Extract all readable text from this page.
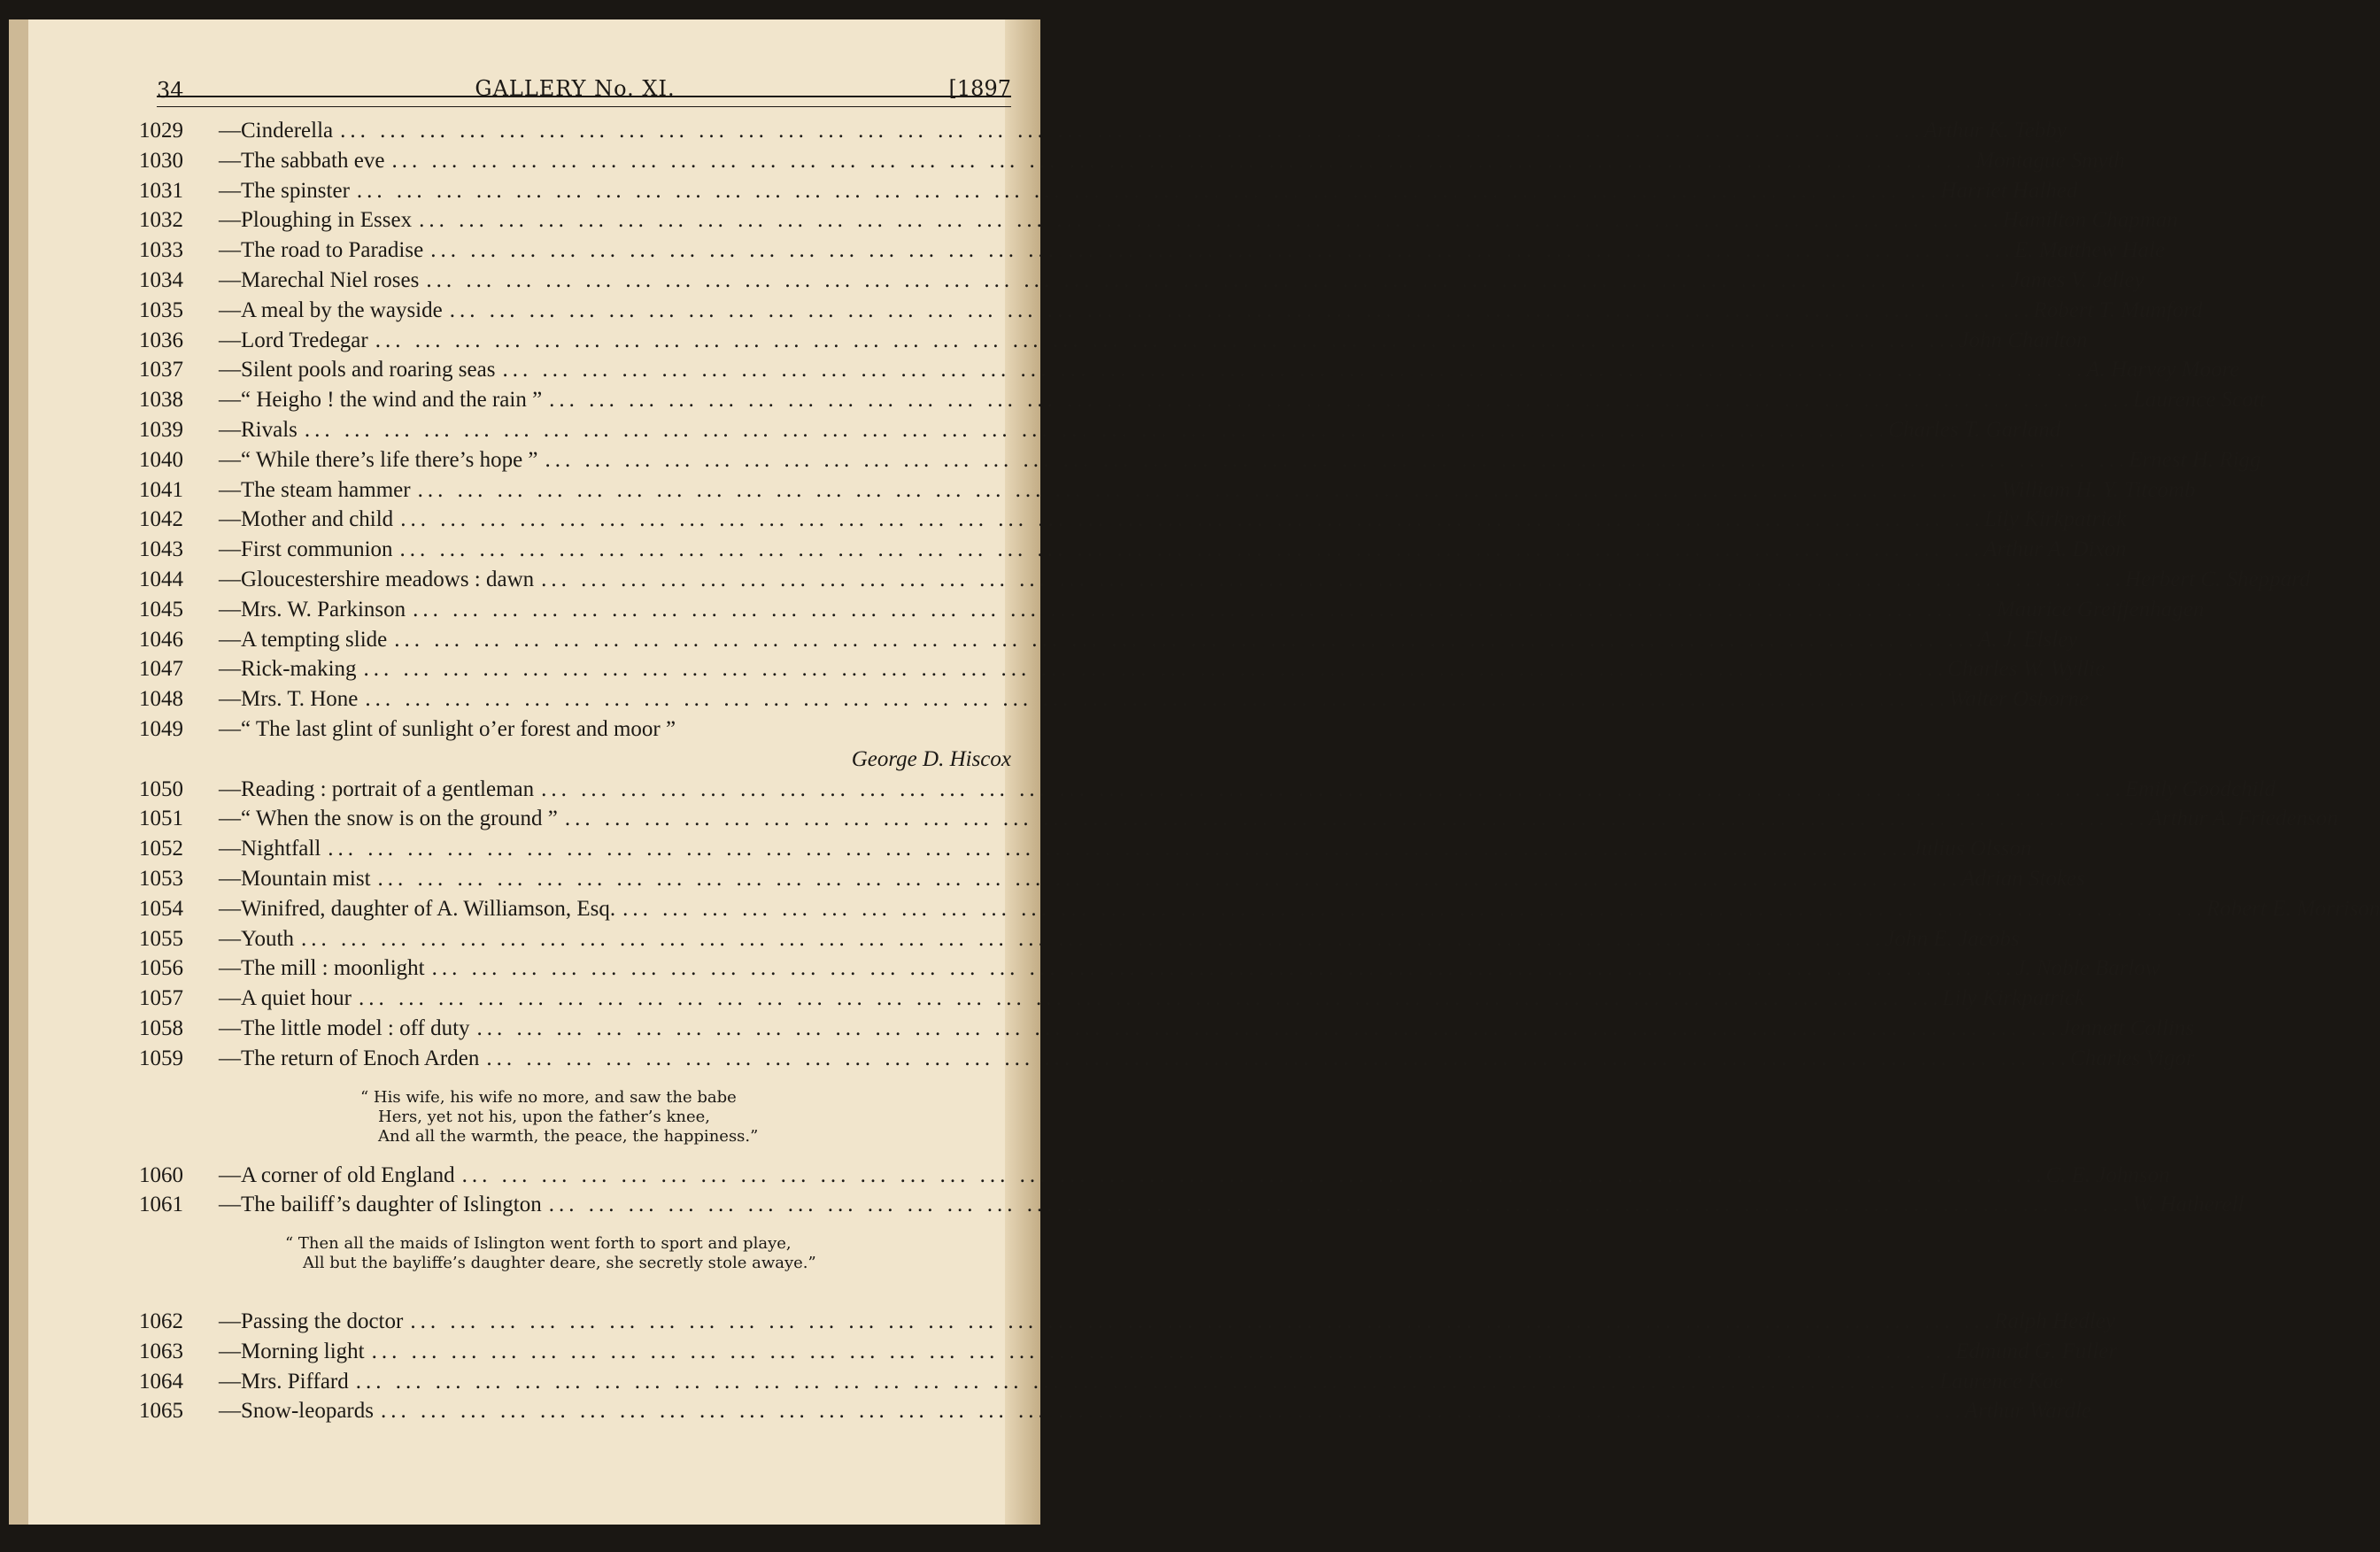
34	GALLERY No. XI.	[1897
1029	—Cinderella ... ... ... ... ... ... ... ... ... ... ... ... ... ... ... ... ... ... ... ... ... ... ... ... ... ... ... ... ... ... ... ... ... ... ... ... ... ... ... ... Arthur K. Tebby
1030	—The sabbath eve ... ... ... ... ... ... ... ... ... ... ... ... ... ... ... ... ... ... ... ... ... ... ... ... ... ... ... ... ... ... ... ... ... ... ... ... ... ... ... ... Montague Smyth
1031	—The spinster ... ... ... ... ... ... ... ... ... ... ... ... ... ... ... ... ... ... ... ... ... ... ... ... ... ... ... ... ... ... ... ... ... ... ... ... ... ... ... ... Harriet Halhed
1032	—Ploughing in Essex ... ... ... ... ... ... ... ... ... ... ... ... ... ... ... ... ... ... ... ... ... ... ... ... ... ... ... ... ... ... ... ... ... ... ... ... ... ... ... ... Hamilton Chapman
1033	—The road to Paradise ... ... ... ... ... ... ... ... ... ... ... ... ... ... ... ... ... ... ... ... ... ... ... ... ... ... ... ... ... ... ... ... ... ... ... ... ... ... ... ... E. Matthew Hale
1034	—Marechal Niel roses ... ... ... ... ... ... ... ... ... ... ... ... ... ... ... ... ... ... ... ... ... ... ... ... ... ... ... ... ... ... ... ... ... ... ... ... ... ... ... ... James V. Jelley
1035	—A meal by the wayside ... ... ... ... ... ... ... ... ... ... ... ... ... ... ... ... ... ... ... ... ... ... ... ... ... ... ... ... ... ... ... ... ... ... ... ... ... ... ... ... Robert T. Mumford
1036	—Lord Tredegar ... ... ... ... ... ... ... ... ... ... ... ... ... ... ... ... ... ... ... ... ... ... ... ... ... ... ... ... ... ... ... ... ... ... ... ... ... ... ... ... John Charlton
1037	—Silent pools and roaring seas ... ... ... ... ... ... ... ... ... ... ... ... ... ... ... ... ... ... ... ... ... ... ... ... ... ... ... ... ... ... ... ... ... ... ... ... ... ... ... ... A. Harvey Moore
1038	—“ Heigho ! the wind and the rain ” ... ... ... ... ... ... ... ... ... ... ... ... ... ... ... ... ... ... ... ... ... ... ... ... ... ... ... ... ... ... ... ... ... ... ... ... ... ... ... ... Laurence Scott
1039	—Rivals ... ... ... ... ... ... ... ... ... ... ... ... ... ... ... ... ... ... ... ... ... ... ... ... ... ... ... ... ... ... ... ... ... ... ... ... ... ... ... ... Charles T. Garland
1040	—“ While there’s life there’s hope ” ... ... ... ... ... ... ... ... ... ... ... ... ... ... ... ... ... ... ... ... ... ... ... ... ... ... ... ... ... ... ... ... ... ... ... ... ... ... ... ... Ernest H. Rigg
1041	—The steam hammer ... ... ... ... ... ... ... ... ... ... ... ... ... ... ... ... ... ... ... ... ... ... ... ... ... ... ... ... ... ... ... ... ... ... ... ... ... ... ... ... William H. Y. Titcomb
1042	—Mother and child ... ... ... ... ... ... ... ... ... ... ... ... ... ... ... ... ... ... ... ... ... ... ... ... ... ... ... ... ... ... ... ... ... ... ... ... ... ... ... ... Lily Kirkpatrick
1043	—First communion ... ... ... ... ... ... ... ... ... ... ... ... ... ... ... ... ... ... ... ... ... ... ... ... ... ... ... ... ... ... ... ... ... ... ... ... ... ... ... ... Arthur A. Dixon
1044	—Gloucestershire meadows : dawn ... ... ... ... ... ... ... ... ... ... ... ... ... ... ... ... ... ... ... ... ... ... ... ... ... ... ... ... ... ... ... ... ... ... ... ... ... ... ... ... Herbert C. Sheppard
1045	—Mrs. W. Parkinson ... ... ... ... ... ... ... ... ... ... ... ... ... ... ... ... ... ... ... ... ... ... ... ... ... ... ... ... ... ... ... ... ... ... ... ... ... ... ... ... Maurice Greiffenhagen
1046	—A tempting slide ... ... ... ... ... ... ... ... ... ... ... ... ... ... ... ... ... ... ... ... ... ... ... ... ... ... ... ... ... ... ... ... ... ... ... ... ... ... ... ... A. J. Elsley
1047	—Rick-making ... ... ... ... ... ... ... ... ... ... ... ... ... ... ... ... ... ... ... ... ... ... ... ... ... ... ... ... ... ... ... ... ... ... ... ... ... ... ... ... Charles W. Wyllie
1048	—Mrs. T. Hone ... ... ... ... ... ... ... ... ... ... ... ... ... ... ... ... ... ... ... ... ... ... ... ... ... ... ... ... ... ... ... ... ... ... ... ... ... ... ... ... Walter Osborne
1049	—“ The last glint of sunlight o’er forest and moor ”
George D. Hiscox
1050	—Reading : portrait of a gentleman ... ... ... ... ... ... ... ... ... ... ... ... ... ... ... ... ... ... ... ... ... ... ... ... ... ... ... ... ... ... ... ... ... ... ... ... ... ... ... ... Emily Goodchild
1051	—“ When the snow is on the ground ” ... ... ... ... ... ... ... ... ... ... ... ... ... ... ... ... ... ... ... ... ... ... ... ... ... ... ... ... ... ... ... ... ... ... ... ... ... ... ... ... Arthur A. Friedenson
1052	—Nightfall ... ... ... ... ... ... ... ... ... ... ... ... ... ... ... ... ... ... ... ... ... ... ... ... ... ... ... ... ... ... ... ... ... ... ... ... ... ... ... ... Julius Olsson
1053	—Mountain mist ... ... ... ... ... ... ... ... ... ... ... ... ... ... ... ... ... ... ... ... ... ... ... ... ... ... ... ... ... ... ... ... ... ... ... ... ... ... ... ... Adrian Stokes
1054	—Winifred, daughter of A. Williamson, Esq. ... ... ... ... ... ... ... ... ... ... ... ... ... ... ... ... ... ... ... ... ... ... ... ... ... ... ... ... ... ... ... ... ... ... ... ... ... ... ... ... Robert E. Morrison
1055	—Youth ... ... ... ... ... ... ... ... ... ... ... ... ... ... ... ... ... ... ... ... ... ... ... ... ... ... ... ... ... ... ... ... ... ... ... ... ... ... ... ... John E. Jacobs
1056	—The mill : moonlight ... ... ... ... ... ... ... ... ... ... ... ... ... ... ... ... ... ... ... ... ... ... ... ... ... ... ... ... ... ... ... ... ... ... ... ... ... ... ... ... J. Noble Barlow
1057	—A quiet hour ... ... ... ... ... ... ... ... ... ... ... ... ... ... ... ... ... ... ... ... ... ... ... ... ... ... ... ... ... ... ... ... ... ... ... ... ... ... ... ... Lily Kirkpatrick
1058	—The little model : off duty ... ... ... ... ... ... ... ... ... ... ... ... ... ... ... ... ... ... ... ... ... ... ... ... ... ... ... ... ... ... ... ... ... ... ... ... ... ... ... ... Jennett Collins
1059	—The return of Enoch Arden ... ... ... ... ... ... ... ... ... ... ... ... ... ... ... ... ... ... ... ... ... ... ... ... ... ... ... ... ... ... ... ... ... ... ... ... ... ... ... ... Charles Vigor
“ His wife, his wife no more, and saw the babe
Hers, yet not his, upon the father’s knee,
And all the warmth, the peace, the happiness.”
1060	—A corner of old England ... ... ... ... ... ... ... ... ... ... ... ... ... ... ... ... ... ... ... ... ... ... ... ... ... ... ... ... ... ... ... ... ... ... ... ... ... ... ... ... C. E. Johnson
1061	—The bailiff’s daughter of Islington ... ... ... ... ... ... ... ... ... ... ... ... ... ... ... ... ... ... ... ... ... ... ... ... ... ... ... ... ... ... ... ... ... ... ... ... ... ... ... ... W. Hatherell
“ Then all the maids of Islington went forth to sport and playe,
All but the bayliffe’s daughter deare, she secretly stole awaye.”
1062	—Passing the doctor ... ... ... ... ... ... ... ... ... ... ... ... ... ... ... ... ... ... ... ... ... ... ... ... ... ... ... ... ... ... ... ... ... ... ... ... ... ... ... ... Ralph Hedley
1063	—Morning light ... ... ... ... ... ... ... ... ... ... ... ... ... ... ... ... ... ... ... ... ... ... ... ... ... ... ... ... ... ... ... ... ... ... ... ... ... ... ... ... Edmund G. Fuller
1064	—Mrs. Piffard ... ... ... ... ... ... ... ... ... ... ... ... ... ... ... ... ... ... ... ... ... ... ... ... ... ... ... ... ... ... ... ... ... ... ... ... ... ... ... ... Laurence Koe
1065	—Snow-leopards ... ... ... ... ... ... ... ... ... ... ... ... ... ... ... ... ... ... ... ... ... ... ... ... ... ... ... ... ... ... ... ... ... ... ... ... ... ... ... ... Arthur Wardle
